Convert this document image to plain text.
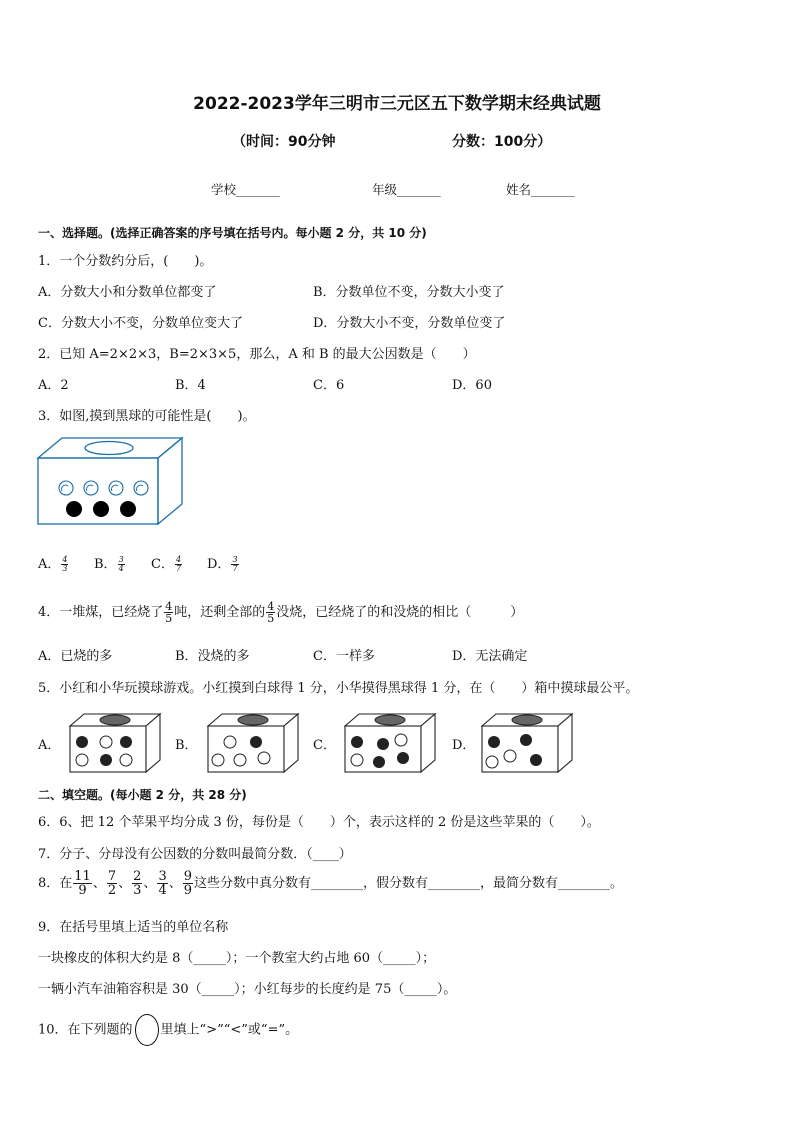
2022-2023学年三明市三元区五下数学期末经典试题
（时间：90分钟	分数：100分）
学校_______	年级_______	姓名_______
一、选择题。(选择正确答案的序号填在括号内。每小题 2 分，共 10 分)
1．一个分数约分后，(　　)。
A．分数大小和分数单位都变了	B．分数单位不变，分数大小变了
C．分数大小不变，分数单位变大了	D．分数大小不变，分数单位变了
2．已知 A=2×2×3，B=2×3×5，那么，A 和 B 的最大公因数是（　　）
A．2	B．4	C．6	D．60
3．如图,摸到黑球的可能性是(　　)。
A． $\frac{4}{3}$ B． $\frac{3}{4}$ C． $\frac{4}{7}$ D． $\frac{3}{7}$
4．一堆煤，已经烧了 $\frac{4}{5}$ 吨，还剩全部的 $\frac{4}{5}$ 没烧，已经烧了的和没烧的相比（　　　）
A．已烧的多	B．没烧的多	C．一样多	D．无法确定
5．小红和小华玩摸球游戏。小红摸到白球得 1 分，小华摸得黑球得 1 分，在（　　）箱中摸球最公平。
A．	B．	C．	D．
二、填空题。(每小题 2 分，共 28 分)
6．6、把 12 个苹果平均分成 3 份，每份是（　　）个，表示这样的 2 份是这些苹果的（　　）。
7．分子、分母没有公因数的分数叫最简分数．（____）
8．在 $\frac{11}{9}$ 、 $\frac{7}{2}$ 、 $\frac{2}{3}$ 、 $\frac{3}{4}$ 、 $\frac{9}{9}$ 这些分数中真分数有________，假分数有________，最简分数有________。
9．在括号里填上适当的单位名称
一块橡皮的体积大约是 8（_____）；一个教室大约占地 60（_____）；
一辆小汽车油箱容积是 30（_____）；小红每步的长度约是 75（_____）。
10．在下列题的 里填上“>”“<”或“=”。
